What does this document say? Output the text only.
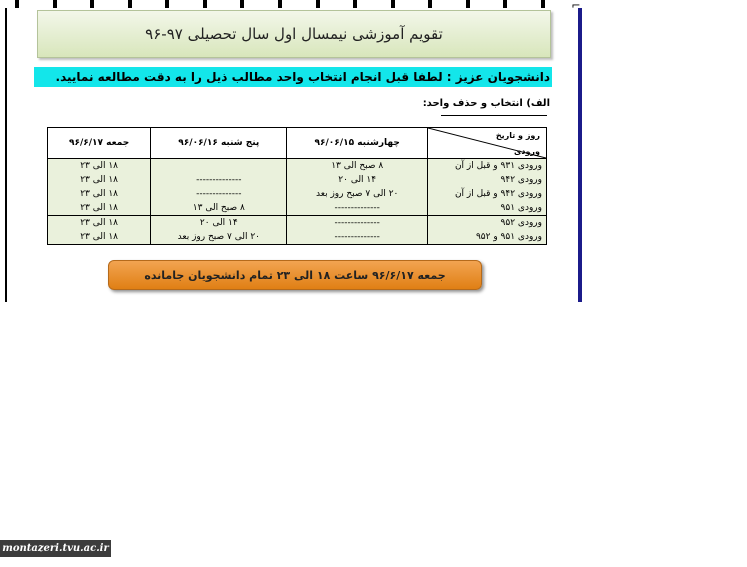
⌐
تقویم آموزشی نیمسال اول سال تحصیلی ۹۷-۹۶
دانشجویان عزیز : لطفا قبل انجام انتخاب واحد مطالب ذیل را به دقت مطالعه نمایید.
الف) انتخاب و حذف واحد:
روز و تاریخ
ورودی	چهارشنبه ۹۶/۰۶/۱۵	پنج شنبه ۹۶/۰۶/۱۶	جمعه ۹۶/۶/۱۷
ورودی ۹۳۱ و قبل از آن	۸ صبح الی ۱۳		۱۸ الی ۲۳
ورودی ۹۴۲	۱۴ الی ۲۰	--------------	۱۸ الی ۲۳
ورودی ۹۴۲ و قبل از آن	۲۰ الی ۷ صبح روز بعد	--------------	۱۸ الی ۲۳
ورودی ۹۵۱	--------------	۸ صبح الی ۱۳	۱۸ الی ۲۳
ورودی ۹۵۲	--------------	۱۴ الی ۲۰	۱۸ الی ۲۳
ورودی ۹۵۱ و ۹۵۲	--------------	۲۰ الی ۷ صبح روز بعد	۱۸ الی ۲۳
جمعه ۹۶/۶/۱۷ ساعت ۱۸ الی ۲۳ تمام دانشجویان جامانده
montazeri.tvu.ac.ir
